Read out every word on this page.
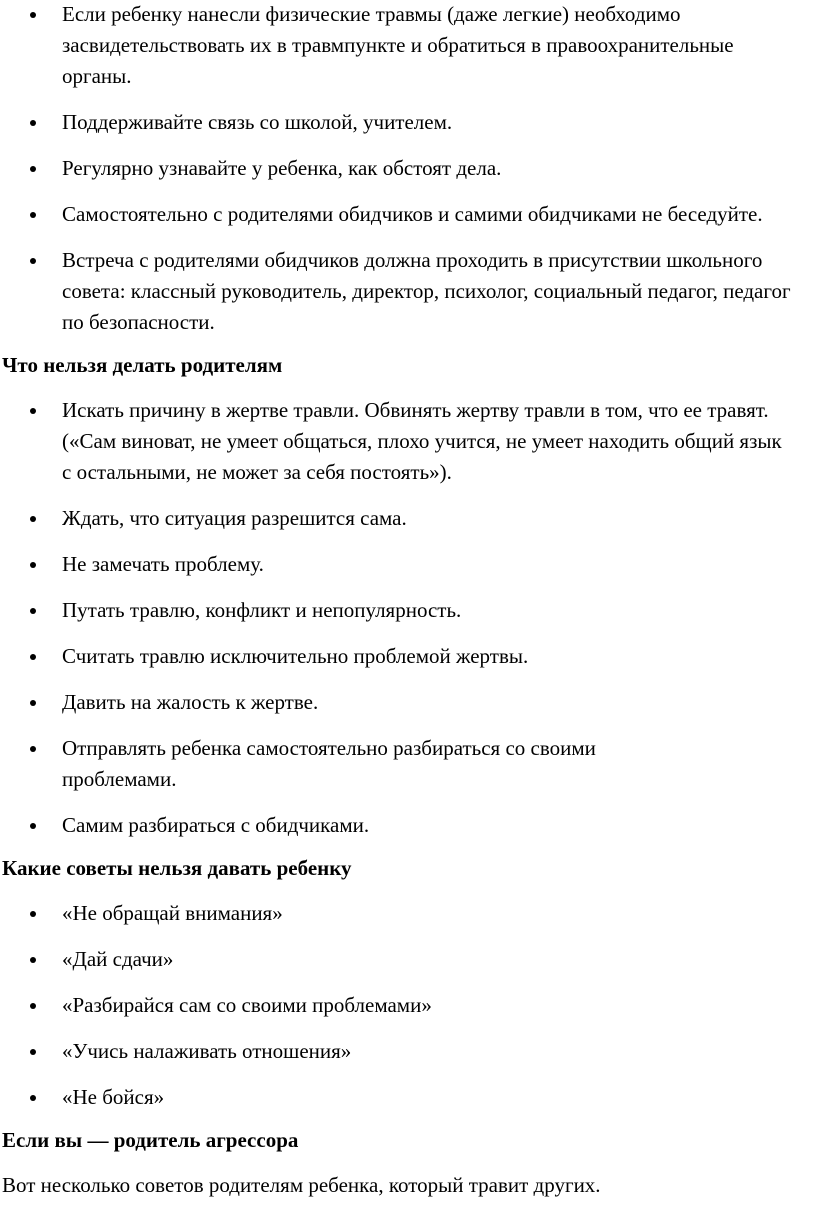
Если ребенку нанесли физические травмы (даже легкие) необходимо засвидетельствовать их в травмпункте и обратиться в правоохранительные органы.
Поддерживайте связь со школой, учителем.
Регулярно узнавайте у ребенка, как обстоят дела.
Самостоятельно с родителями обидчиков и самими обидчиками не беседуйте.
Встреча с родителями обидчиков должна проходить в присутствии школьного совета: классный руководитель, директор, психолог, социальный педагог, педагог по безопасности.
Что нельзя делать родителям
Искать причину в жертве травли. Обвинять жертву травли в том, что ее травят. («Сам виноват, не умеет общаться, плохо учится, не умеет находить общий язык с остальными, не может за себя постоять»).
Ждать, что ситуация разрешится сама.
Не замечать проблему.
Путать травлю, конфликт и непопулярность.
Считать травлю исключительно проблемой жертвы.
Давить на жалость к жертве.
Отправлять ребенка самостоятельно разбираться со своими проблемами.
Самим разбираться с обидчиками.
Какие советы нельзя давать ребенку
«Не обращай внимания»
«Дай сдачи»
«Разбирайся сам со своими проблемами»
«Учись налаживать отношения»
«Не бойся»
Если вы — родитель агрессора

Вот несколько советов родителям ребенка, который травит других.
